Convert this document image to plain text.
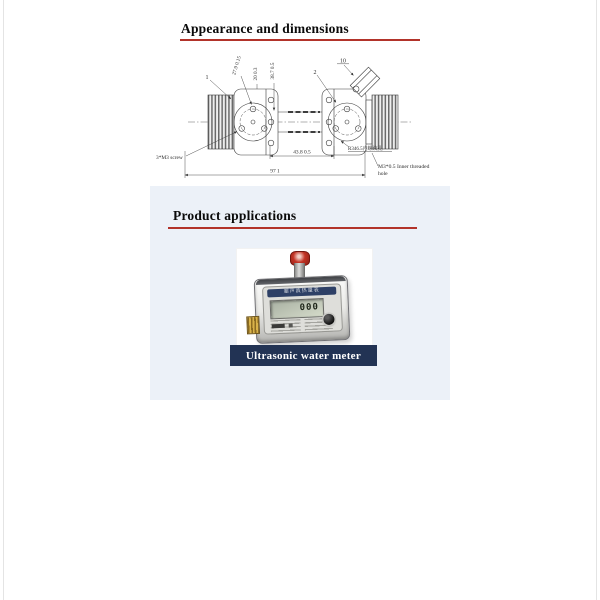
Appearance and dimensions
1
27.9 0.15 20 0.3 38.7 0.5	2
10
43.8 0.5
97 1
3*M3 screw
R346.5内螺纹孔
M3*0.5 Inner threaded
hole
Product applications
超声波热量表
000
Ultrasonic water meter
